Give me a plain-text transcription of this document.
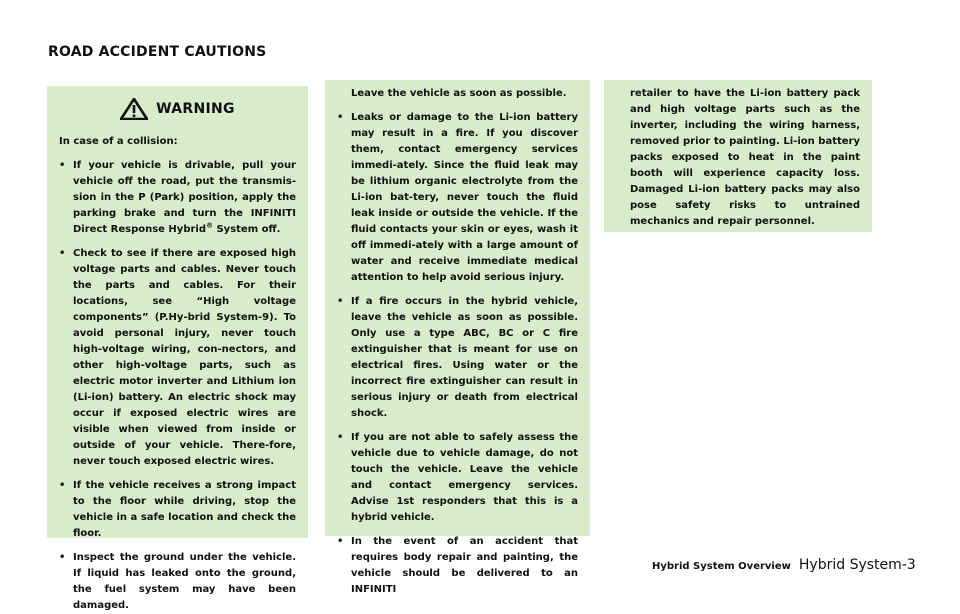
ROAD ACCIDENT CAUTIONS
WARNING

In case of a collision:

• If your vehicle is drivable, pull your vehicle off the road, put the transmis-sion in the P (Park) position, apply the parking brake and turn the INFINITI Direct Response Hybrid® System off.
• Check to see if there are exposed high voltage parts and cables. Never touch the parts and cables. For their locations, see “High voltage components” (P.Hy-brid System-9). To avoid personal injury, never touch high-voltage wiring, con-nectors, and other high-voltage parts, such as electric motor inverter and Lithium ion (Li-ion) battery. An electric shock may occur if exposed electric wires are visible when viewed from inside or outside of your vehicle. There-fore, never touch exposed electric wires.
• If the vehicle receives a strong impact to the floor while driving, stop the vehicle in a safe location and check the floor.
• Inspect the ground under the vehicle. If liquid has leaked onto the ground, the fuel system may have been damaged.

Leave the vehicle as soon as possible.

• Leaks or damage to the Li-ion battery may result in a fire. If you discover them, contact emergency services immedi-ately. Since the fluid leak may be lithium organic electrolyte from the Li-ion bat-tery, never touch the fluid leak inside or outside the vehicle. If the fluid contacts your skin or eyes, wash it off immedi-ately with a large amount of water and receive immediate medical attention to help avoid serious injury.
• If a fire occurs in the hybrid vehicle, leave the vehicle as soon as possible. Only use a type ABC, BC or C fire extinguisher that is meant for use on electrical fires. Using water or the incorrect fire extinguisher can result in serious injury or death from electrical shock.
• If you are not able to safely assess the vehicle due to vehicle damage, do not touch the vehicle. Leave the vehicle and contact emergency services. Advise 1st responders that this is a hybrid vehicle.
• In the event of an accident that requires body repair and painting, the vehicle should be delivered to an INFINITI

retailer to have the Li-ion battery pack and high voltage parts such as the inverter, including the wiring harness, removed prior to painting. Li-ion battery packs exposed to heat in the paint booth will experience capacity loss. Damaged Li-ion battery packs may also pose safety risks to untrained mechanics and repair personnel.

Hybrid System Overview Hybrid System-3
